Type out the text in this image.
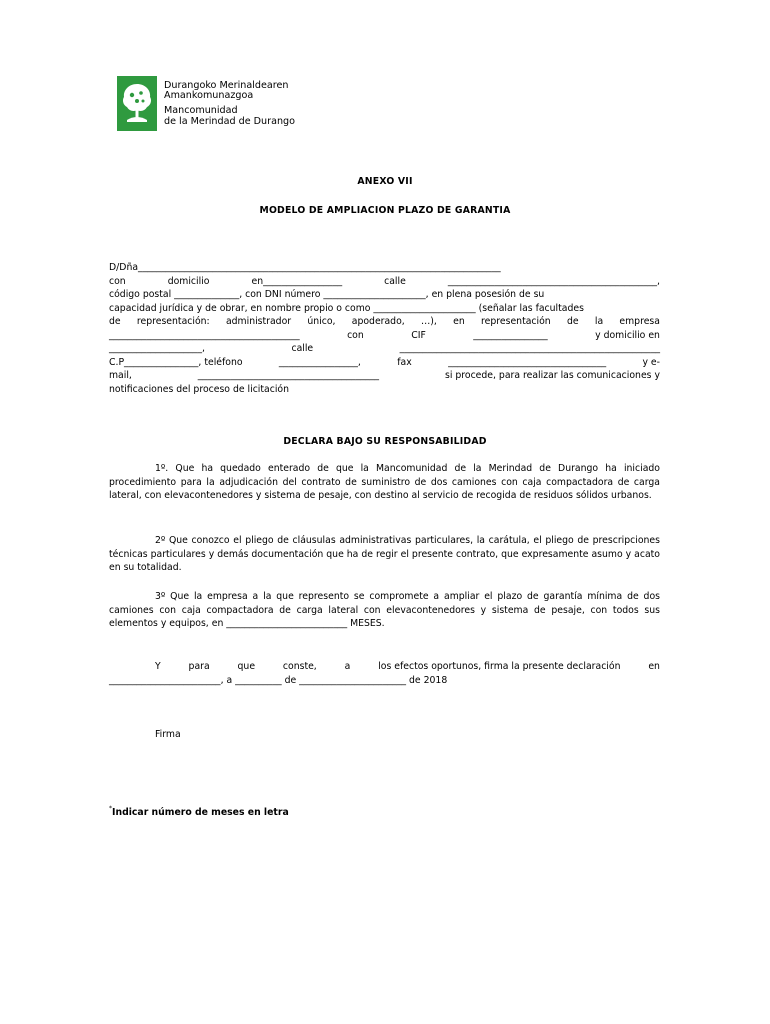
Durangoko Merinaldearen
Amankomunazgoa
Mancomunidad
de la Merindad de Durango
ANEXO VII
MODELO DE AMPLIACION PLAZO DE GARANTIA
D/Dña______________________________________________________________________________
con	domicilio	en_________________	calle	_____________________________________________,
código postal ______________, con DNI número ______________________, en plena posesión de su
capacidad jurídica y de obrar, en nombre propio o como ______________________ (señalar las facultades
de representación: administrador único, apoderado, …), en representación de la empresa
_________________________________________	con	CIF	________________	y domicilio en
____________________,	calle	________________________________________________________
C.P________________, teléfono	_________________,	fax	__________________________________	y e-
mail,	_______________________________________	si procede, para realizar las comunicaciones y
notificaciones del proceso de licitación
DECLARA BAJO SU RESPONSABILIDAD
1º. Que ha quedado enterado de que la Mancomunidad de la Merindad de Durango ha iniciado procedimiento para la adjudicación del contrato de suministro de dos camiones con caja compactadora de carga lateral, con elevacontenedores y sistema de pesaje, con destino al servicio de recogida de residuos sólidos urbanos.
2º Que conozco el pliego de cláusulas administrativas particulares, la carátula, el pliego de prescripciones técnicas particulares y demás documentación que ha de regir el presente contrato, que expresamente asumo y acato en su totalidad.
3º Que la empresa a la que represento se compromete a ampliar el plazo de garantía mínima de dos camiones con caja compactadora de carga lateral con elevacontenedores y sistema de pesaje, con todos sus elementos y equipos, en __________________________ MESES.
Y	para	que	conste,	a	los efectos oportunos, firma la presente declaración	en
________________________, a __________ de _______________________ de 2018
Firma
*Indicar número de meses en letra
